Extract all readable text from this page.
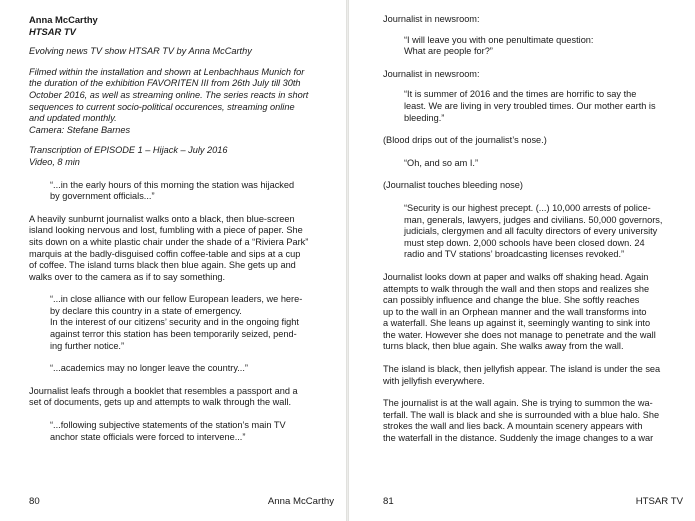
Anna McCarthy

HTSAR TV

Evolving news TV show HTSAR TV by Anna McCarthy

Filmed within the installation and shown at Lenbachhaus Munich for

the duration of the exhibition FAVORITEN III from 26th July till 30th

October 2016, as well as streaming online. The series reacts in short

sequences to current socio-political occurences, streaming online

and updated monthly.

Camera: Stefane Barnes

Transcription of EPISODE 1 – Hijack – July 2016

Video, 8 min

“...in the early hours of this morning the station was hijacked

by government officials...”

A heavily sunburnt journalist walks onto a black, then blue-screen

island looking nervous and lost, fumbling with a piece of paper. She

sits down on a white plastic chair under the shade of a “Riviera Park”

marquis at the badly-disguised coffin coffee-table and sips at a cup

of coffee. The island turns black then blue again. She gets up and

walks over to the camera as if to say something.

“...in close alliance with our fellow European leaders, we here-

by declare this country in a state of emergency.

In the interest of our citizens’ security and in the ongoing fight

against terror this station has been temporarily seized, pend-

ing further notice.”

“...academics may no longer leave the country...”

Journalist leafs through a booklet that resembles a passport and a

set of documents, gets up and attempts to walk through the wall.

“...following subjective statements of the station’s main TV

anchor state officials were forced to intervene...”

80	Anna McCarthy

Journalist in newsroom:

“I will leave you with one penultimate question:

What are people for?”

Journalist in newsroom:

“It is summer of 2016 and the times are horrific to say the

least. We are living in very troubled times. Our mother earth is

bleeding.”

(Blood drips out of the journalist’s nose.)

“Oh, and so am I.”

(Journalist touches bleeding nose)

“Security is our highest precept. (...) 10,000 arrests of police-

man, generals, lawyers, judges and civilians. 50,000 governors,

judicials, clergymen and all faculty directors of every university

must step down. 2,000 schools have been closed down. 24

radio and TV stations’ broadcasting licenses revoked.”

Journalist looks down at paper and walks off shaking head. Again

attempts to walk through the wall and then stops and realizes she

can possibly influence and change the blue. She softly reaches

up to the wall in an Orphean manner and the wall transforms into

a waterfall. She leans up against it, seemingly wanting to sink into

the water. However she does not manage to penetrate and the wall

turns black, then blue again. She walks away from the wall.

The island is black, then jellyfish appear. The island is under the sea

with jellyfish everywhere.

The journalist is at the wall again. She is trying to summon the wa-

terfall. The wall is black and she is surrounded with a blue halo. She

strokes the wall and lies back. A mountain scenery appears with

the waterfall in the distance. Suddenly the image changes to a war

81	HTSAR TV
